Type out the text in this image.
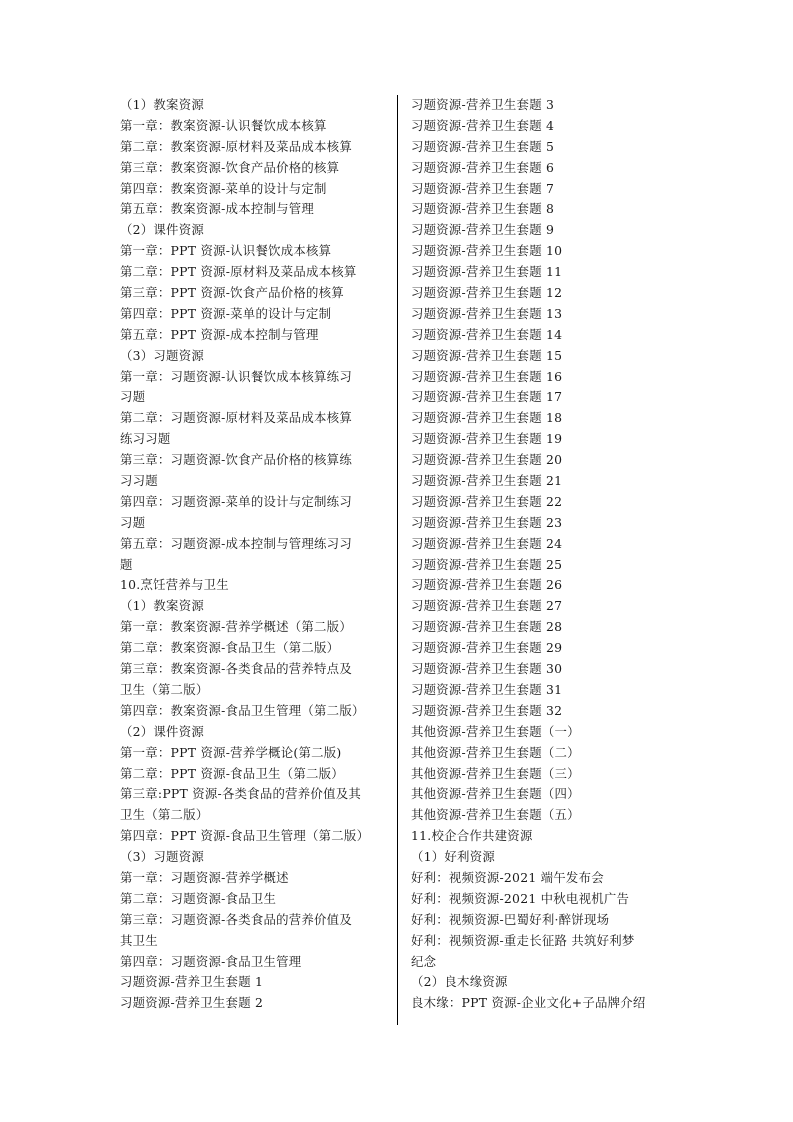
（1）教案资源
第一章：教案资源-认识餐饮成本核算
第二章：教案资源-原材料及菜品成本核算
第三章：教案资源-饮食产品价格的核算
第四章：教案资源-菜单的设计与定制
第五章：教案资源-成本控制与管理
（2）课件资源
第一章：PPT 资源-认识餐饮成本核算
第二章：PPT 资源-原材料及菜品成本核算
第三章：PPT 资源-饮食产品价格的核算
第四章：PPT 资源-菜单的设计与定制
第五章：PPT 资源-成本控制与管理
（3）习题资源
第一章：习题资源-认识餐饮成本核算练习
习题
第二章：习题资源-原材料及菜品成本核算
练习习题
第三章：习题资源-饮食产品价格的核算练
习习题
第四章：习题资源-菜单的设计与定制练习
习题
第五章：习题资源-成本控制与管理练习习
题
10.烹饪营养与卫生
（1）教案资源
第一章：教案资源-营养学概述（第二版）
第二章：教案资源-食品卫生（第二版）
第三章：教案资源-各类食品的营养特点及
卫生（第二版）
第四章：教案资源-食品卫生管理（第二版）
（2）课件资源
第一章：PPT 资源-营养学概论(第二版)
第二章：PPT 资源-食品卫生（第二版）
第三章:PPT 资源-各类食品的营养价值及其
卫生（第二版）
第四章：PPT 资源-食品卫生管理（第二版）
（3）习题资源
第一章：习题资源-营养学概述
第二章：习题资源-食品卫生
第三章：习题资源-各类食品的营养价值及
其卫生
第四章：习题资源-食品卫生管理
习题资源-营养卫生套题 1
习题资源-营养卫生套题 2
习题资源-营养卫生套题 3
习题资源-营养卫生套题 4
习题资源-营养卫生套题 5
习题资源-营养卫生套题 6
习题资源-营养卫生套题 7
习题资源-营养卫生套题 8
习题资源-营养卫生套题 9
习题资源-营养卫生套题 10
习题资源-营养卫生套题 11
习题资源-营养卫生套题 12
习题资源-营养卫生套题 13
习题资源-营养卫生套题 14
习题资源-营养卫生套题 15
习题资源-营养卫生套题 16
习题资源-营养卫生套题 17
习题资源-营养卫生套题 18
习题资源-营养卫生套题 19
习题资源-营养卫生套题 20
习题资源-营养卫生套题 21
习题资源-营养卫生套题 22
习题资源-营养卫生套题 23
习题资源-营养卫生套题 24
习题资源-营养卫生套题 25
习题资源-营养卫生套题 26
习题资源-营养卫生套题 27
习题资源-营养卫生套题 28
习题资源-营养卫生套题 29
习题资源-营养卫生套题 30
习题资源-营养卫生套题 31
习题资源-营养卫生套题 32
其他资源-营养卫生套题（一）
其他资源-营养卫生套题（二）
其他资源-营养卫生套题（三）
其他资源-营养卫生套题（四）
其他资源-营养卫生套题（五）
11.校企合作共建资源
（1）好利资源
好利：视频资源-2021 端午发布会
好利：视频资源-2021 中秋电视机广告
好利：视频资源-巴蜀好利·醉饼现场
好利：视频资源-重走长征路 共筑好利梦
纪念
（2）良木缘资源
良木缘：PPT 资源-企业文化+子品牌介绍
